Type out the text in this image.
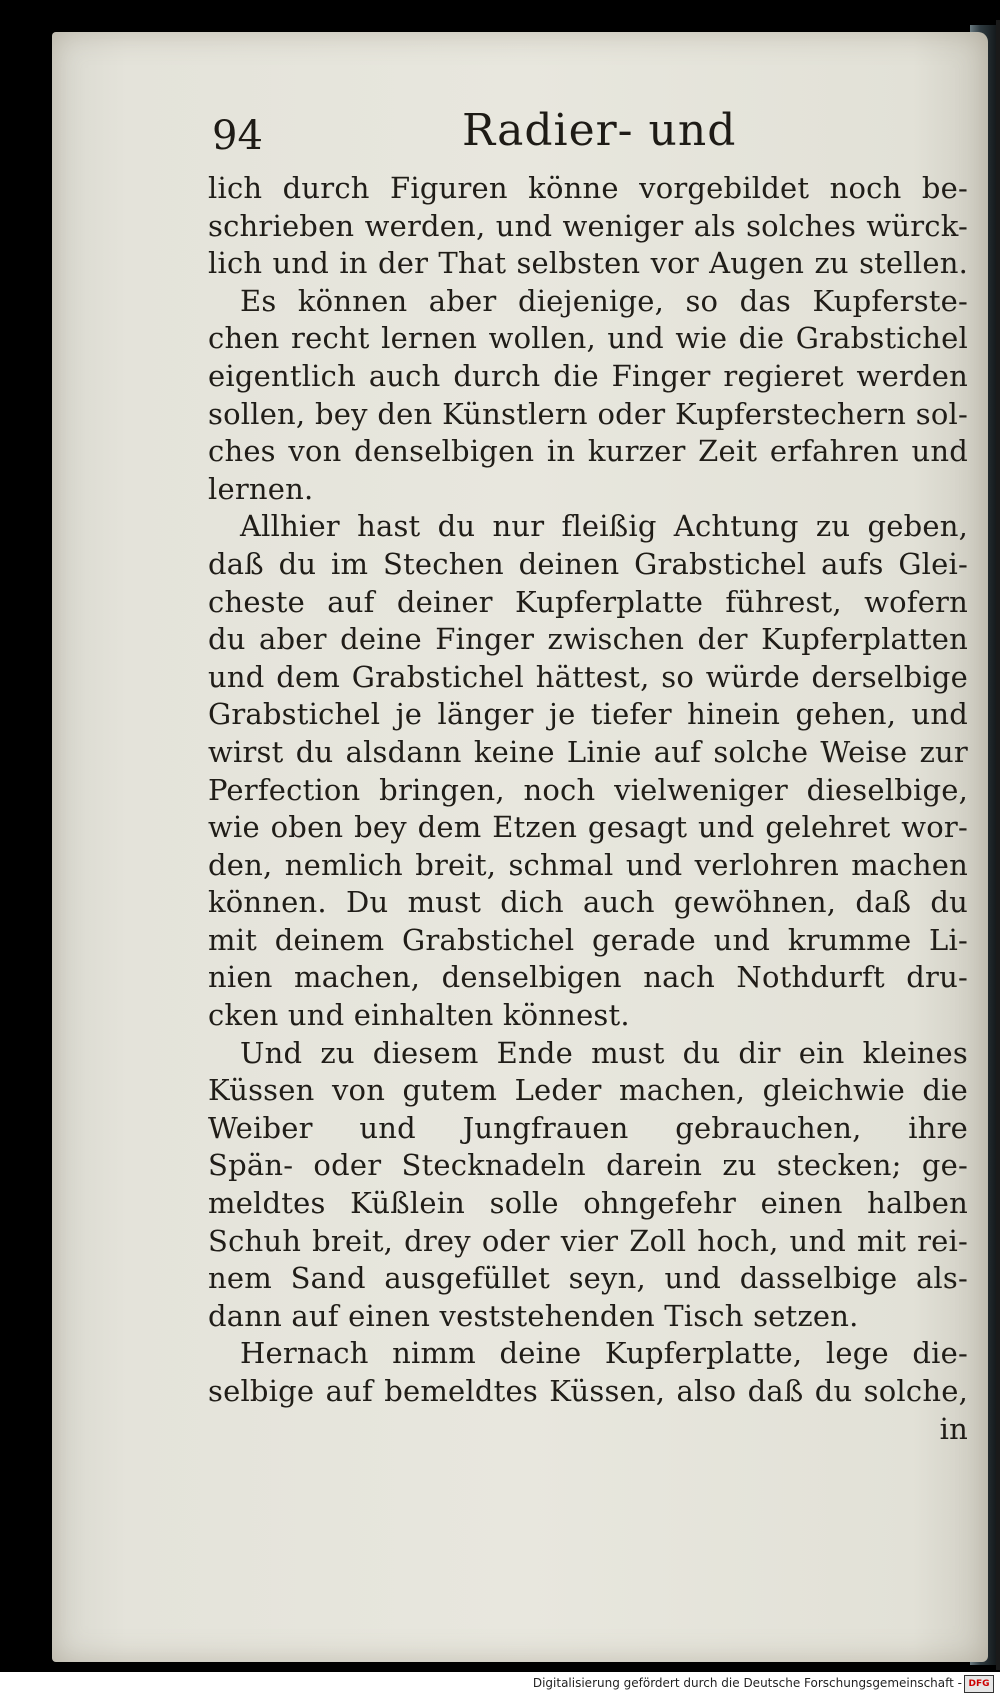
94	Radier- und
lich durch Figuren könne vorgebildet noch be-
schrieben werden, und weniger als solches würck-
lich und in der That selbsten vor Augen zu stellen.
Es können aber diejenige, so das Kupferste-
chen recht lernen wollen, und wie die Grabstichel
eigentlich auch durch die Finger regieret werden
sollen, bey den Künstlern oder Kupferstechern sol-
ches von denselbigen in kurzer Zeit erfahren und
lernen.
Allhier hast du nur fleißig Achtung zu geben,
daß du im Stechen deinen Grabstichel aufs Glei-
cheste auf deiner Kupferplatte führest, wofern
du aber deine Finger zwischen der Kupferplatten
und dem Grabstichel hättest, so würde derselbige
Grabstichel je länger je tiefer hinein gehen, und
wirst du alsdann keine Linie auf solche Weise zur
Perfection bringen, noch vielweniger dieselbige,
wie oben bey dem Etzen gesagt und gelehret wor-
den, nemlich breit, schmal und verlohren machen
können. Du must dich auch gewöhnen, daß du
mit deinem Grabstichel gerade und krumme Li-
nien machen, denselbigen nach Nothdurft dru-
cken und einhalten könnest.
Und zu diesem Ende must du dir ein kleines
Küssen von gutem Leder machen, gleichwie die
Weiber und Jungfrauen gebrauchen, ihre
Spän- oder Stecknadeln darein zu stecken; ge-
meldtes Küßlein solle ohngefehr einen halben
Schuh breit, drey oder vier Zoll hoch, und mit rei-
nem Sand ausgefüllet seyn, und dasselbige als-
dann auf einen veststehenden Tisch setzen.
Hernach nimm deine Kupferplatte, lege die-
selbige auf bemeldtes Küssen, also daß du solche,
in
Digitalisierung gefördert durch die Deutsche Forschungsgemeinschaft - DFG
